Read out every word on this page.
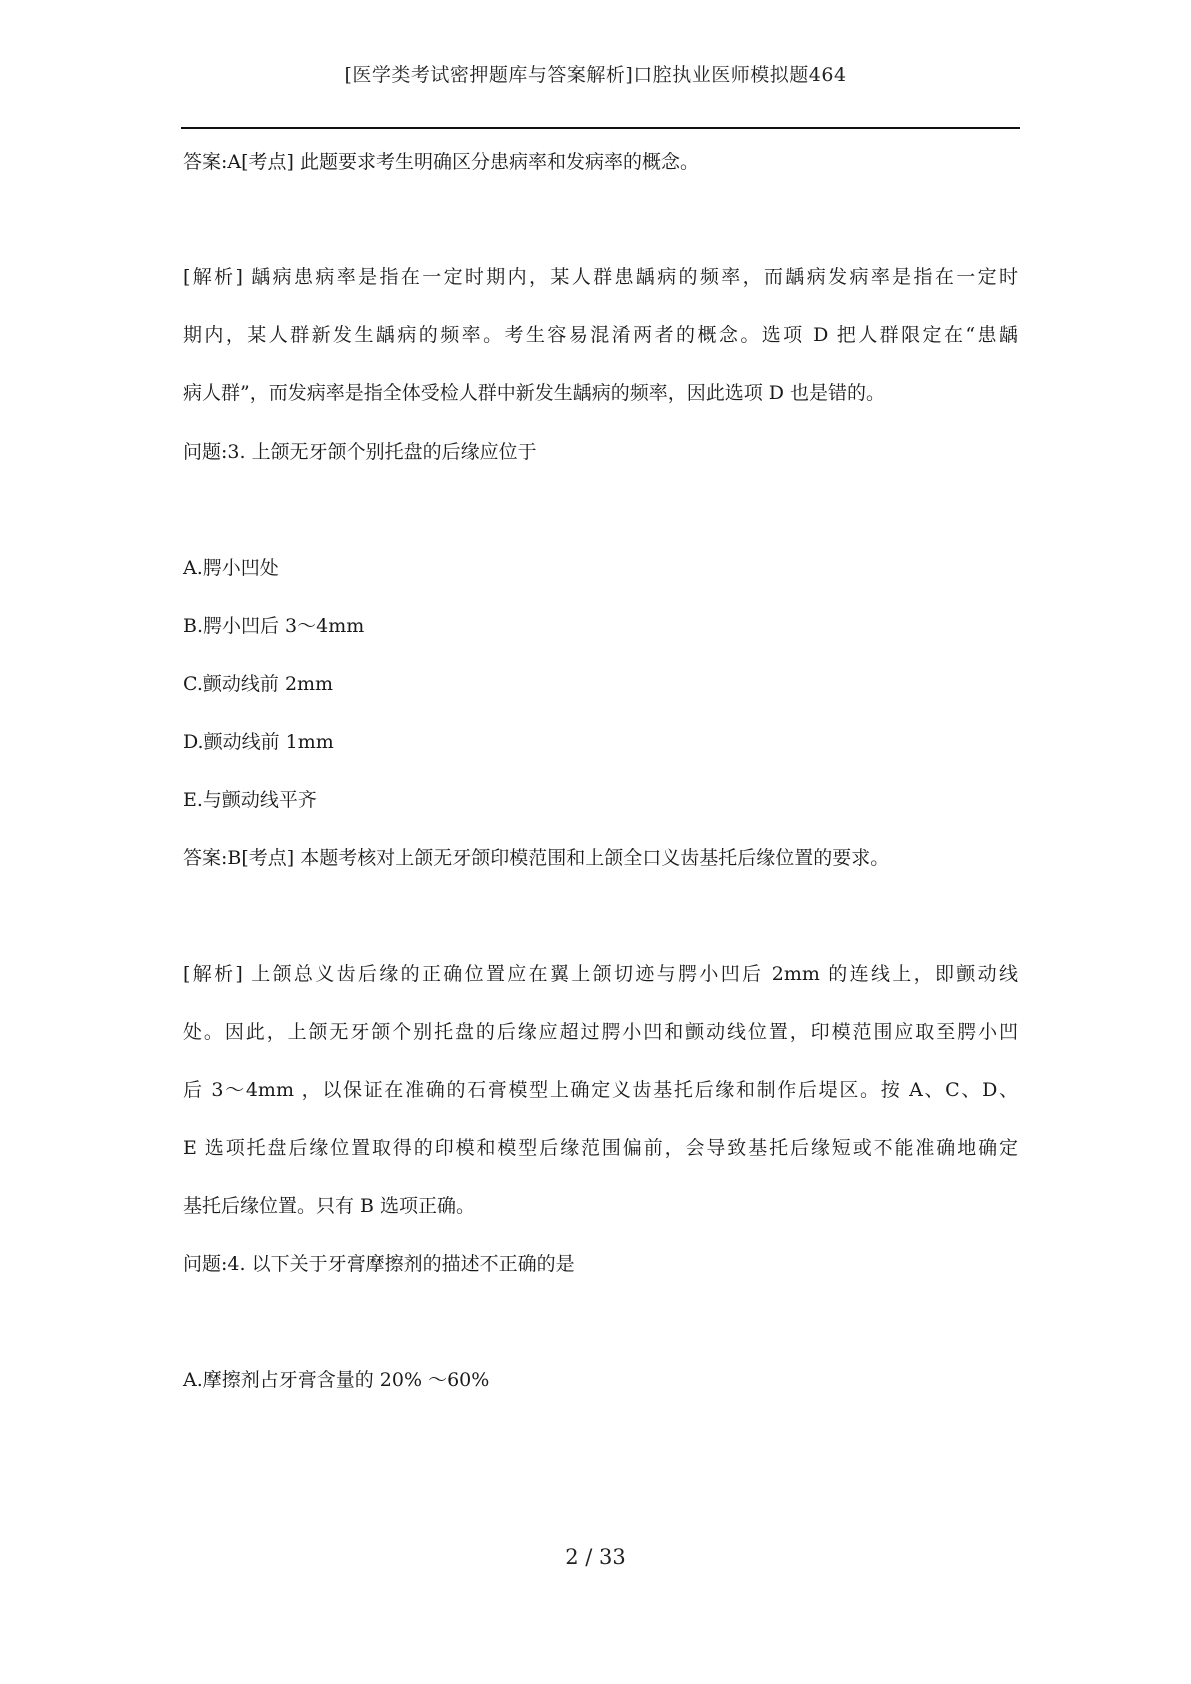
[医学类考试密押题库与答案解析]口腔执业医师模拟题464
答案:A[考点] 此题要求考生明确区分患病率和发病率的概念。
[解析] 龋病患病率是指在一定时期内，某人群患龋病的频率，而龋病发病率是指在一定时
期内，某人群新发生龋病的频率。考生容易混淆两者的概念。选项 D 把人群限定在“患龋
病人群”，而发病率是指全体受检人群中新发生龋病的频率，因此选项 D 也是错的。
问题:3. 上颌无牙颌个别托盘的后缘应位于
A.腭小凹处
B.腭小凹后 3～4mm
C.颤动线前 2mm
D.颤动线前 1mm
E.与颤动线平齐
答案:B[考点] 本题考核对上颌无牙颌印模范围和上颌全口义齿基托后缘位置的要求。
[解析] 上颌总义齿后缘的正确位置应在翼上颌切迹与腭小凹后 2mm 的连线上，即颤动线
处。因此，上颌无牙颌个别托盘的后缘应超过腭小凹和颤动线位置，印模范围应取至腭小凹
后 3～4mm ，以保证在准确的石膏模型上确定义齿基托后缘和制作后堤区。按 A、C、D、
E 选项托盘后缘位置取得的印模和模型后缘范围偏前，会导致基托后缘短或不能准确地确定
基托后缘位置。只有 B 选项正确。
问题:4. 以下关于牙膏摩擦剂的描述不正确的是
A.摩擦剂占牙膏含量的 20% ～60%
2 / 33
